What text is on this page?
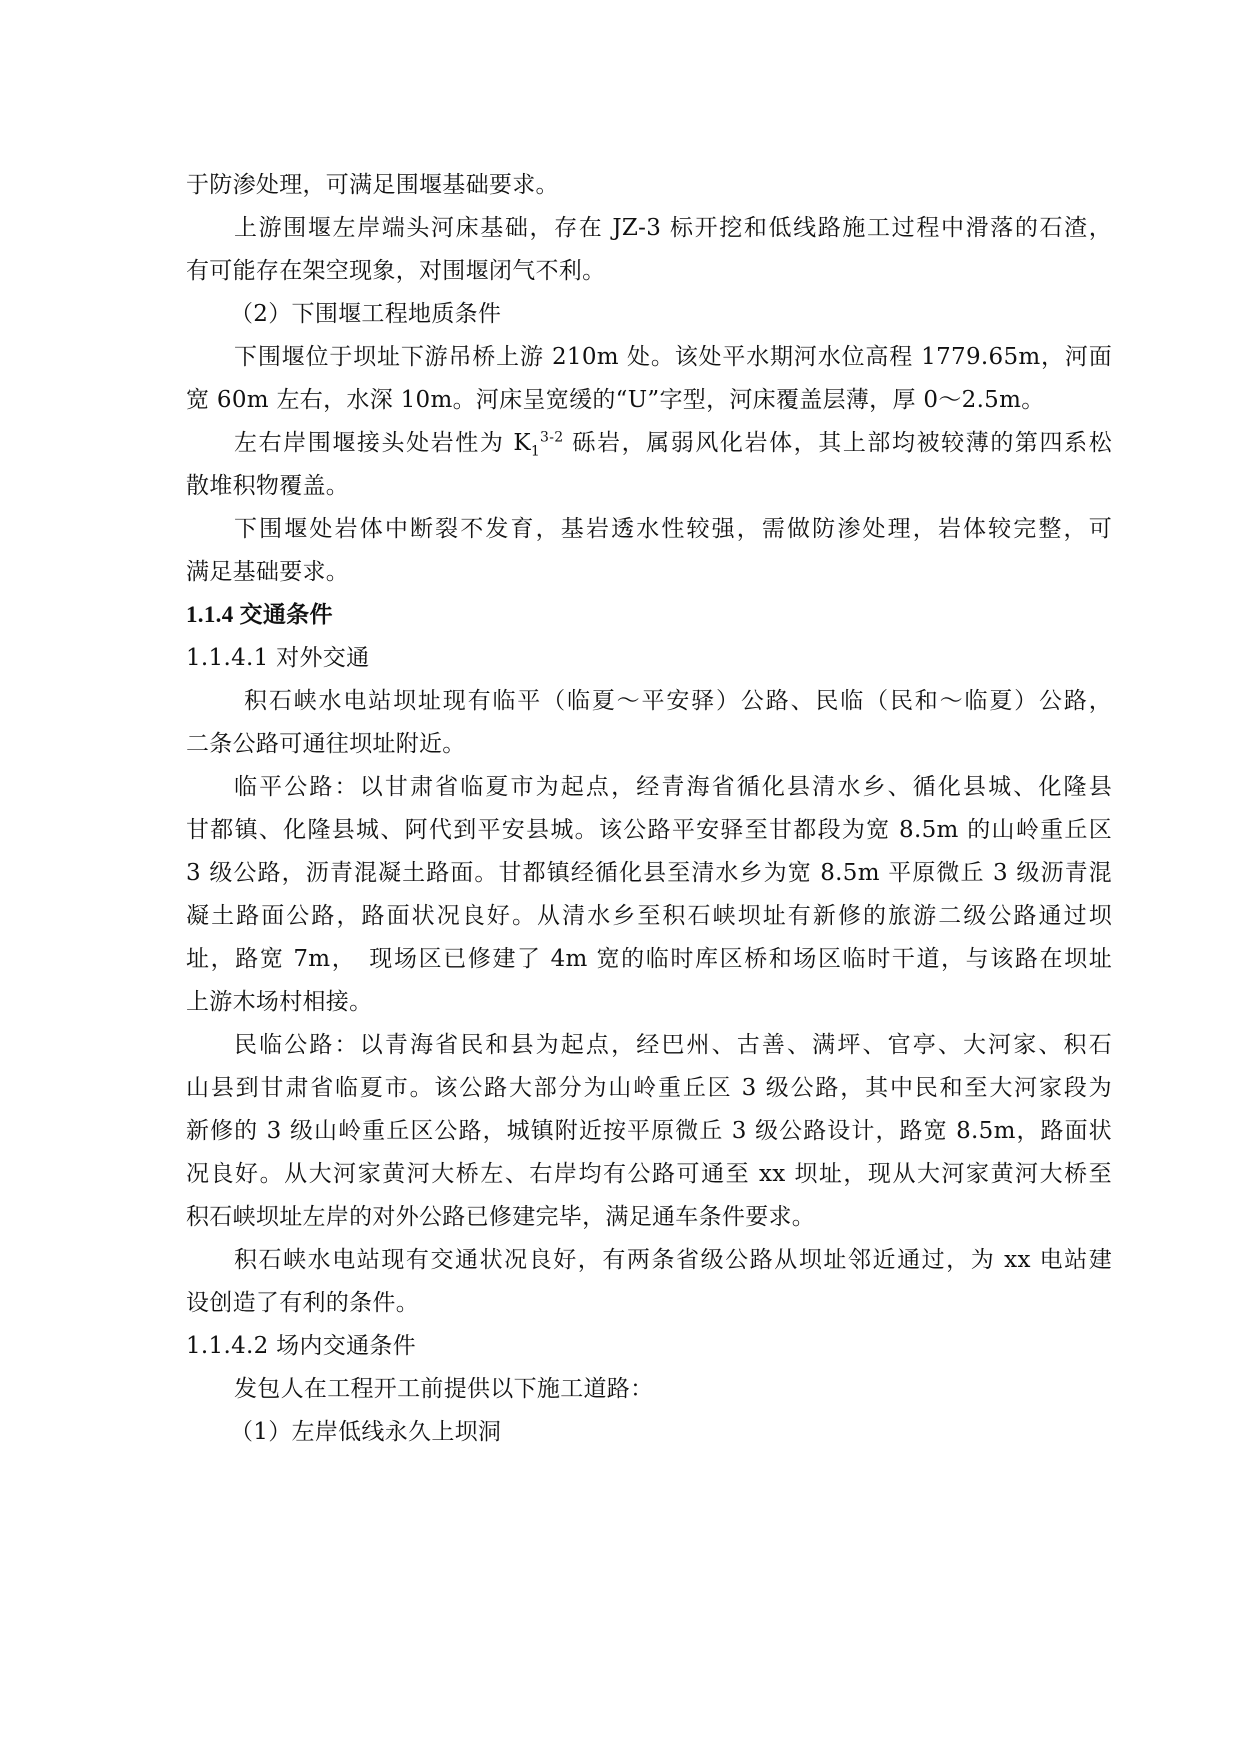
于防渗处理，可满足围堰基础要求。
上游围堰左岸端头河床基础，存在 JZ-3 标开挖和低线路施工过程中滑落的石渣，
有可能存在架空现象，对围堰闭气不利。
（2）下围堰工程地质条件
下围堰位于坝址下游吊桥上游 210m 处。该处平水期河水位高程 1779.65m，河面
宽 60m 左右，水深 10m。河床呈宽缓的“U”字型，河床覆盖层薄，厚 0～2.5m。
左右岸围堰接头处岩性为 $K_1^{3-2}$ 砾岩，属弱风化岩体，其上部均被较薄的第四系松
散堆积物覆盖。
下围堰处岩体中断裂不发育，基岩透水性较强，需做防渗处理，岩体较完整，可
满足基础要求。
1.1.4 交通条件
1.1.4.1 对外交通
积石峡水电站坝址现有临平（临夏～平安驿）公路、民临（民和～临夏）公路，
二条公路可通往坝址附近。
临平公路：以甘肃省临夏市为起点，经青海省循化县清水乡、循化县城、化隆县
甘都镇、化隆县城、阿代到平安县城。该公路平安驿至甘都段为宽 8.5m 的山岭重丘区
3 级公路，沥青混凝土路面。甘都镇经循化县至清水乡为宽 8.5m 平原微丘 3 级沥青混
凝土路面公路，路面状况良好。从清水乡至积石峡坝址有新修的旅游二级公路通过坝
址，路宽 7m，　现场区已修建了 4m 宽的临时库区桥和场区临时干道，与该路在坝址
上游木场村相接。
民临公路：以青海省民和县为起点，经巴州、古善、满坪、官亭、大河家、积石
山县到甘肃省临夏市。该公路大部分为山岭重丘区 3 级公路，其中民和至大河家段为
新修的 3 级山岭重丘区公路，城镇附近按平原微丘 3 级公路设计，路宽 8.5m，路面状
况良好。从大河家黄河大桥左、右岸均有公路可通至 xx 坝址，现从大河家黄河大桥至
积石峡坝址左岸的对外公路已修建完毕，满足通车条件要求。
积石峡水电站现有交通状况良好，有两条省级公路从坝址邻近通过，为 xx 电站建
设创造了有利的条件。
1.1.4.2 场内交通条件
发包人在工程开工前提供以下施工道路：
（1）左岸低线永久上坝洞
